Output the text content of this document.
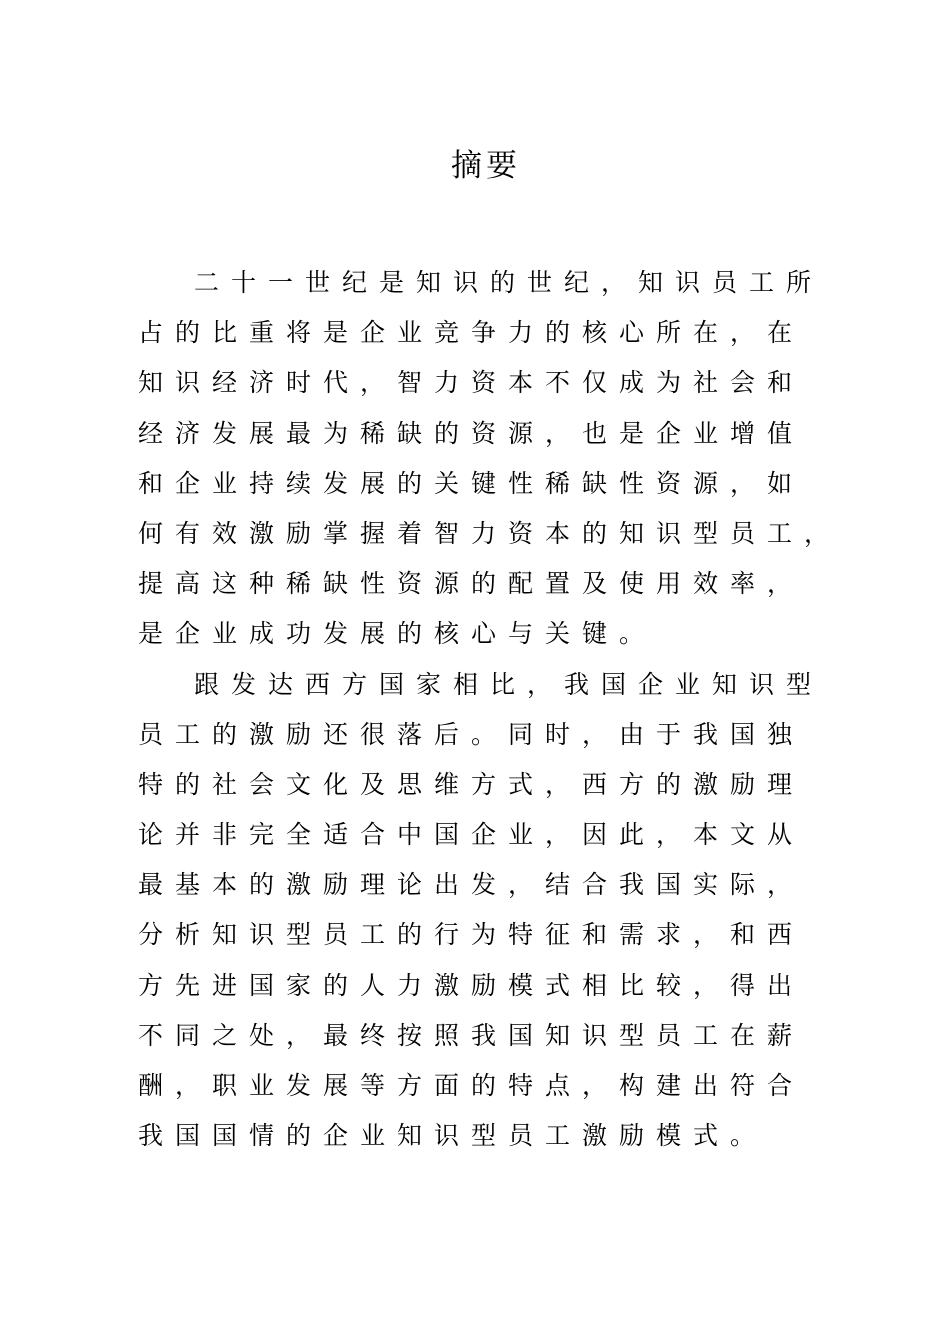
摘要

二十一世纪是知识的世纪，知识员工所

占的比重将是企业竞争力的核心所在，在

知识经济时代，智力资本不仅成为社会和

经济发展最为稀缺的资源，也是企业增值

和企业持续发展的关键性稀缺性资源，如

何有效激励掌握着智力资本的知识型员工，

提高这种稀缺性资源的配置及使用效率，

是企业成功发展的核心与关键。

跟发达西方国家相比，我国企业知识型

员工的激励还很落后。同时，由于我国独

特的社会文化及思维方式，西方的激励理

论并非完全适合中国企业，因此，本文从

最基本的激励理论出发，结合我国实际，

分析知识型员工的行为特征和需求，和西

方先进国家的人力激励模式相比较，得出

不同之处，最终按照我国知识型员工在薪

酬，职业发展等方面的特点，构建出符合

我国国情的企业知识型员工激励模式。
